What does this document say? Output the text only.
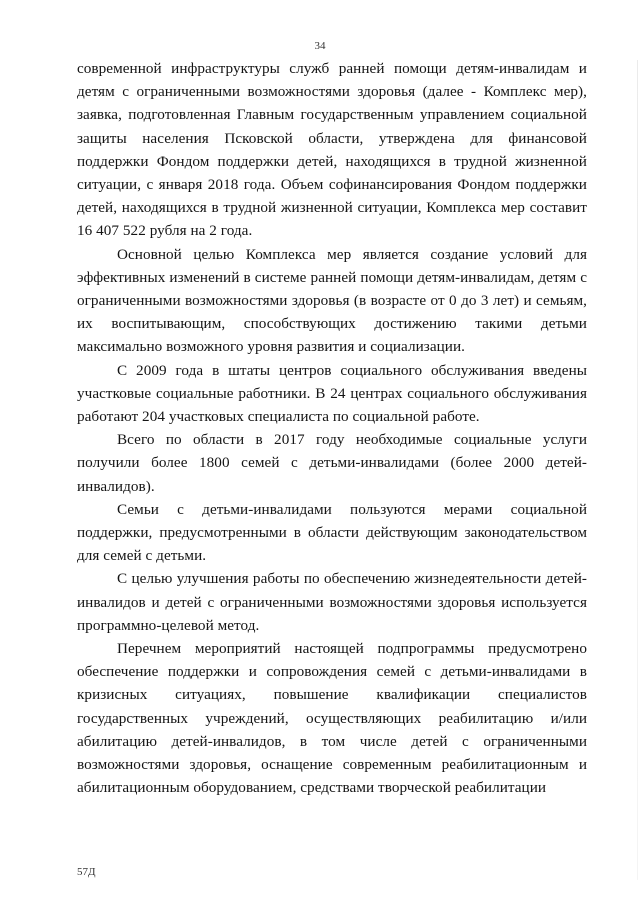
34

современной инфраструктуры служб ранней помощи детям-инвалидам и детям с ограниченными возможностями здоровья (далее - Комплекс мер), заявка, подготовленная Главным государственным управлением социальной защиты населения Псковской области, утверждена для финансовой поддержки Фондом поддержки детей, находящихся в трудной жизненной ситуации, с января 2018 года. Объем софинансирования Фондом поддержки детей, находящихся в трудной жизненной ситуации, Комплекса мер составит 16 407 522 рубля на 2 года.

Основной целью Комплекса мер является создание условий для эффективных изменений в системе ранней помощи детям-инвалидам, детям с ограниченными возможностями здоровья (в возрасте от 0 до 3 лет) и семьям, их воспитывающим, способствующих достижению такими детьми максимально возможного уровня развития и социализации.

С 2009 года в штаты центров социального обслуживания введены участковые социальные работники. В 24 центрах социального обслуживания работают 204 участковых специалиста по социальной работе.

Всего по области в 2017 году необходимые социальные услуги получили более 1800 семей с детьми-инвалидами (более 2000 детей-инвалидов).

Семьи с детьми-инвалидами пользуются мерами социальной поддержки, предусмотренными в области действующим законодательством для семей с детьми.

С целью улучшения работы по обеспечению жизнедеятельности детей-инвалидов и детей с ограниченными возможностями здоровья используется программно-целевой метод.

Перечнем мероприятий настоящей подпрограммы предусмотрено обеспечение поддержки и сопровождения семей с детьми-инвалидами в кризисных ситуациях, повышение квалификации специалистов государственных учреждений, осуществляющих реабилитацию и/или абилитацию детей-инвалидов, в том числе детей с ограниченными возможностями здоровья, оснащение современным реабилитационным и абилитационным оборудованием, средствами творческой реабилитации

57Д
